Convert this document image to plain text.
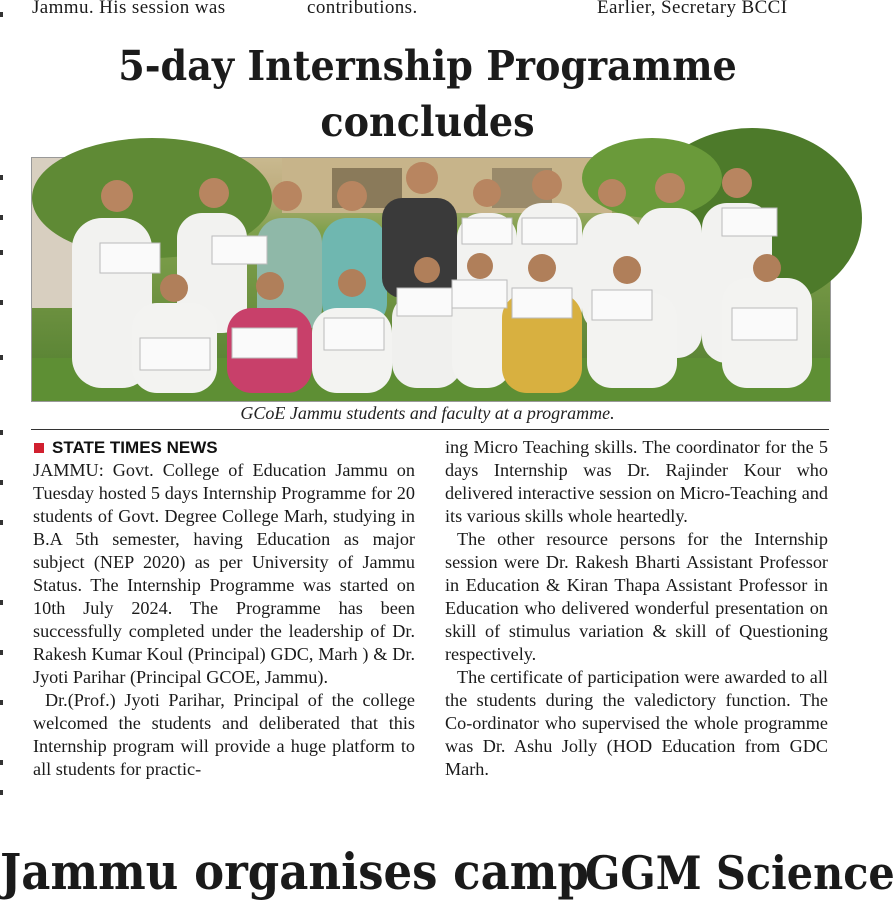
Jammu. His session was	contributions.	Earlier, Secretary BCCI
5-day Internship Programme concludes
GCoE Jammu students and faculty at a programme.
STATE TIMES NEWS

JAMMU: Govt. College of Education Jammu on Tuesday hosted 5 days Internship Programme for 20 students of Govt. Degree College Marh, studying in B.A 5th semester, having Education as major subject (NEP 2020) as per University of Jammu Status. The Internship Programme was started on 10th July 2024. The Programme has been successfully completed under the leadership of Dr. Rakesh Kumar Koul (Principal) GDC, Marh ) & Dr. Jyoti Parihar (Principal GCOE, Jammu).

Dr.(Prof.) Jyoti Parihar, Principal of the college welcomed the students and deliberated that this Internship program will provide a huge platform to all students for practic-

ing Micro Teaching skills. The coordinator for the 5 days Internship was Dr. Rajinder Kour who delivered interactive session on Micro-Teaching and its various skills whole heartedly.

The other resource persons for the Internship session were Dr. Rakesh Bharti Assistant Professor in Education & Kiran Thapa Assistant Professor in Education who delivered wonderful presentation on skill of stimulus variation & skill of Questioning respectively.

The certificate of participation were awarded to all the students during the valedictory function. The Co-ordinator who supervised the whole programme was Dr. Ashu Jolly (HOD Education from GDC Marh.

Jammu organises camp
GGM Science
